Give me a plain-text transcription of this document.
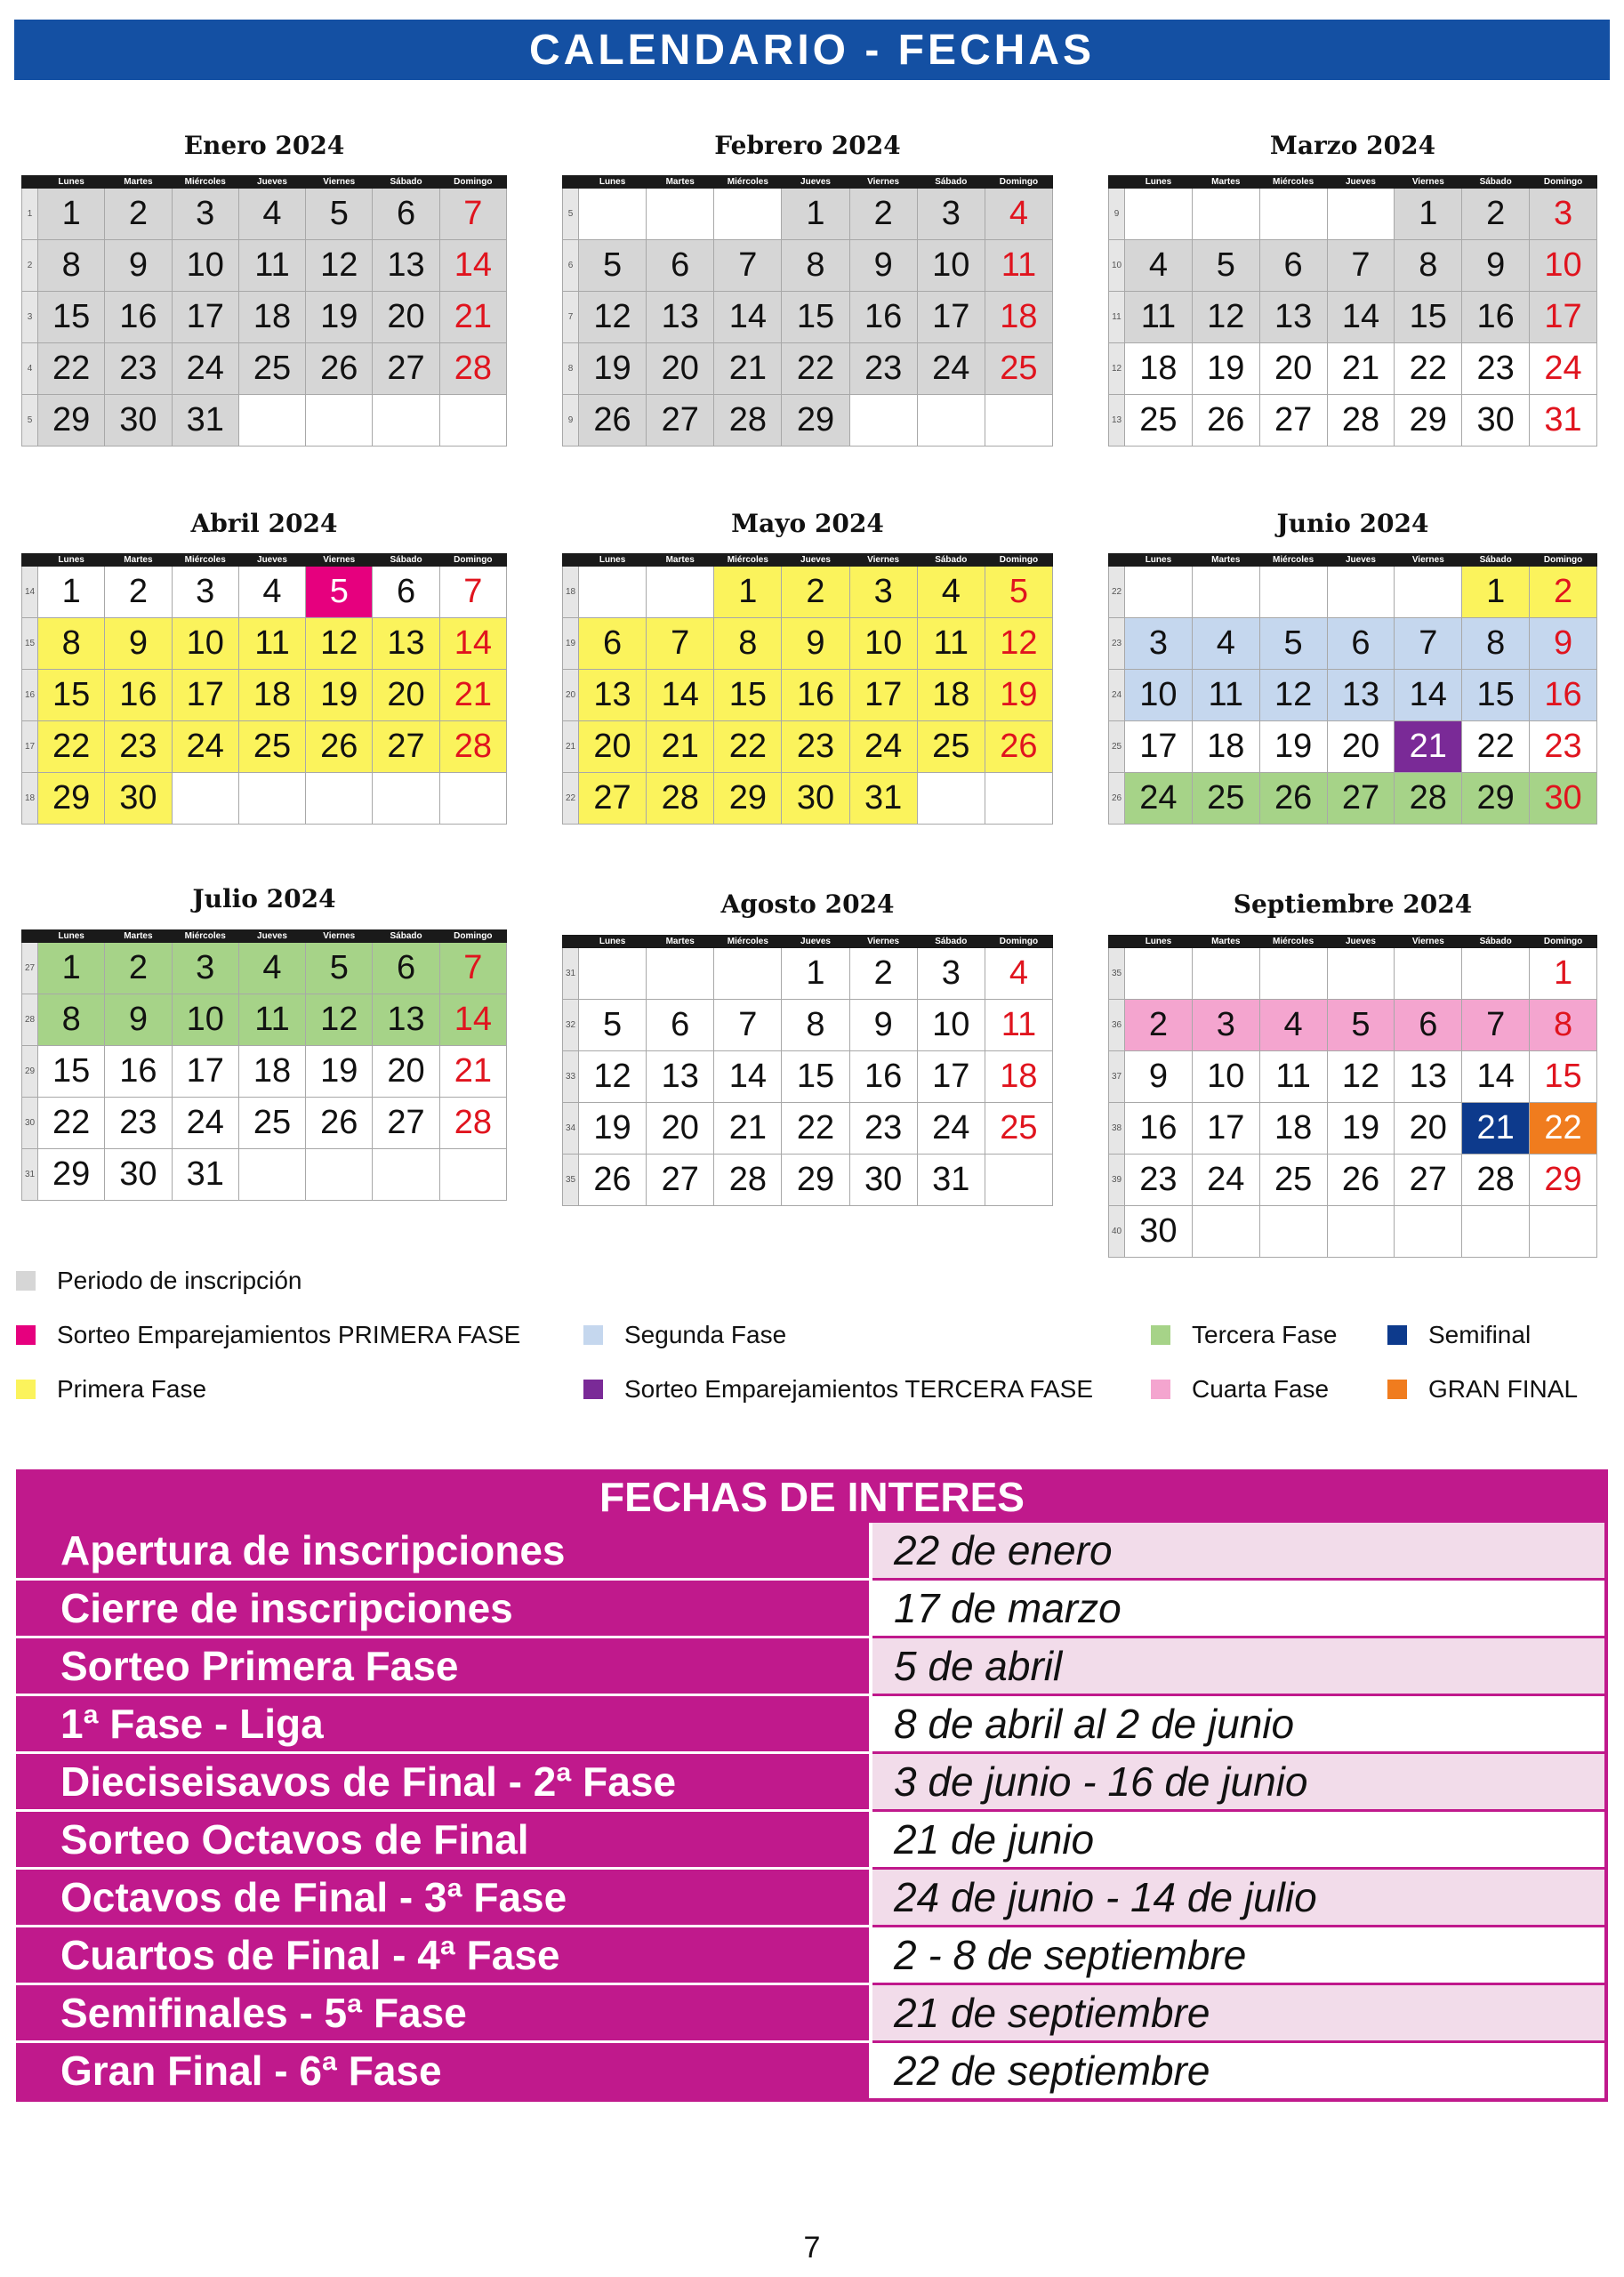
CALENDARIO - FECHAS
Enero 2024
	Lunes	Martes	Miércoles	Jueves	Viernes	Sábado	Domingo
1	1	2	3	4	5	6	7
2	8	9	10	11	12	13	14
3	15	16	17	18	19	20	21
4	22	23	24	25	26	27	28
5	29	30	31				
Febrero 2024
	Lunes	Martes	Miércoles	Jueves	Viernes	Sábado	Domingo
5				1	2	3	4
6	5	6	7	8	9	10	11
7	12	13	14	15	16	17	18
8	19	20	21	22	23	24	25
9	26	27	28	29			
Marzo 2024
	Lunes	Martes	Miércoles	Jueves	Viernes	Sábado	Domingo
9					1	2	3
10	4	5	6	7	8	9	10
11	11	12	13	14	15	16	17
12	18	19	20	21	22	23	24
13	25	26	27	28	29	30	31
Abril 2024
	Lunes	Martes	Miércoles	Jueves	Viernes	Sábado	Domingo
14	1	2	3	4	5	6	7
15	8	9	10	11	12	13	14
16	15	16	17	18	19	20	21
17	22	23	24	25	26	27	28
18	29	30					
Mayo 2024
	Lunes	Martes	Miércoles	Jueves	Viernes	Sábado	Domingo
18			1	2	3	4	5
19	6	7	8	9	10	11	12
20	13	14	15	16	17	18	19
21	20	21	22	23	24	25	26
22	27	28	29	30	31		
Junio 2024
	Lunes	Martes	Miércoles	Jueves	Viernes	Sábado	Domingo
22						1	2
23	3	4	5	6	7	8	9
24	10	11	12	13	14	15	16
25	17	18	19	20	21	22	23
26	24	25	26	27	28	29	30
Julio 2024
	Lunes	Martes	Miércoles	Jueves	Viernes	Sábado	Domingo
27	1	2	3	4	5	6	7
28	8	9	10	11	12	13	14
29	15	16	17	18	19	20	21
30	22	23	24	25	26	27	28
31	29	30	31				
Agosto 2024
	Lunes	Martes	Miércoles	Jueves	Viernes	Sábado	Domingo
31				1	2	3	4
32	5	6	7	8	9	10	11
33	12	13	14	15	16	17	18
34	19	20	21	22	23	24	25
35	26	27	28	29	30	31	
Septiembre 2024
	Lunes	Martes	Miércoles	Jueves	Viernes	Sábado	Domingo
35							1
36	2	3	4	5	6	7	8
37	9	10	11	12	13	14	15
38	16	17	18	19	20	21	22
39	23	24	25	26	27	28	29
40	30						
Periodo de inscripción
Sorteo Emparejamientos PRIMERA FASE	Segunda Fase	Tercera Fase	Semifinal
Primera Fase	Sorteo Emparejamientos TERCERA FASE	Cuarta Fase	GRAN FINAL
FECHAS DE INTERES
Apertura de inscripciones	22 de enero
Cierre de inscripciones	17 de marzo
Sorteo Primera Fase	5 de abril
1ª Fase - Liga	8 de abril al 2 de junio
Dieciseisavos de Final - 2ª Fase	3 de junio - 16 de junio
Sorteo Octavos de Final	21 de junio
Octavos de Final - 3ª Fase	24 de junio - 14 de julio
Cuartos de Final - 4ª Fase	2 - 8 de septiembre
Semifinales - 5ª Fase	21 de septiembre
Gran Final - 6ª Fase	22 de septiembre
7
